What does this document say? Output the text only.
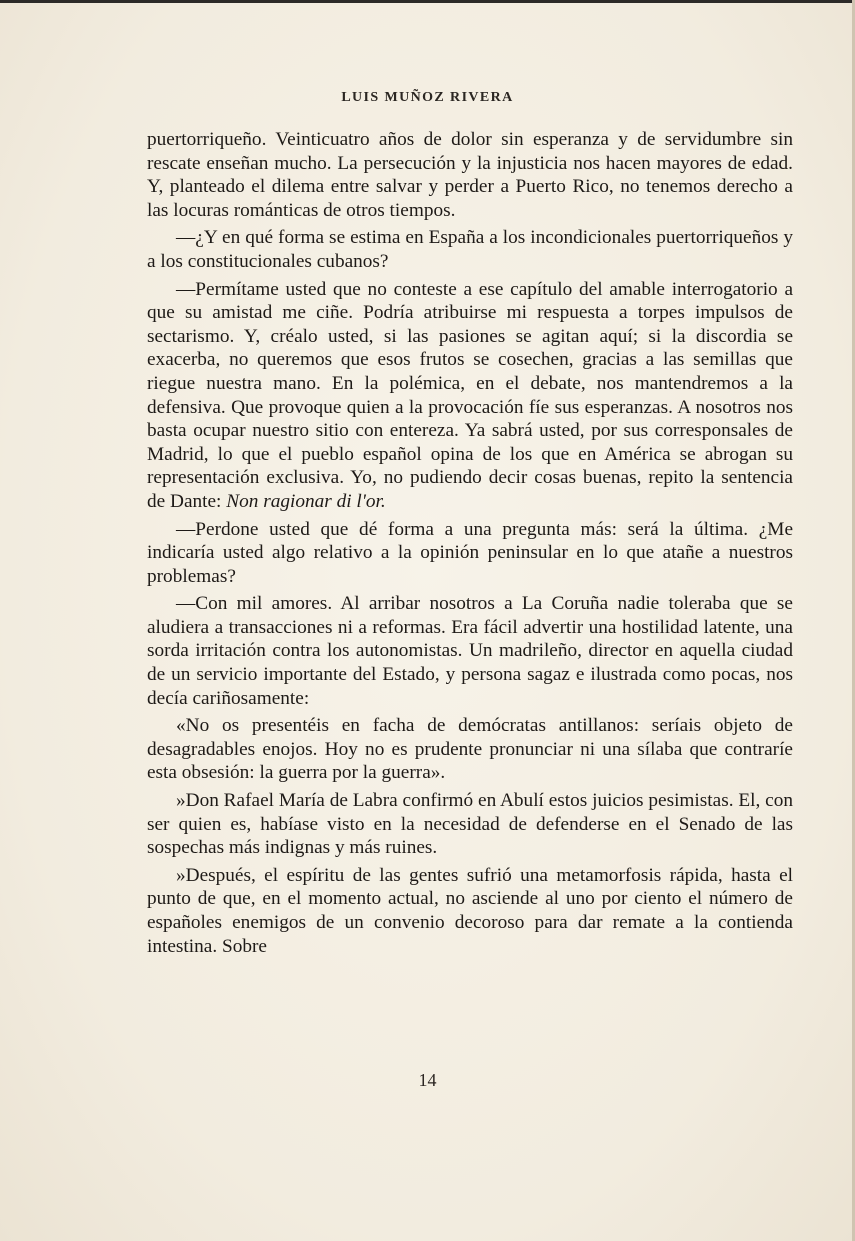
LUIS MUÑOZ RIVERA

puertorriqueño. Veinticuatro años de dolor sin esperanza y de servidumbre sin rescate enseñan mucho. La persecución y la injusticia nos hacen mayores de edad. Y, planteado el dilema entre salvar y perder a Puerto Rico, no tenemos derecho a las locuras románticas de otros tiempos.

—¿Y en qué forma se estima en España a los incondicionales puertorriqueños y a los constitucionales cubanos?

—Permítame usted que no conteste a ese capítulo del amable interrogatorio a que su amistad me ciñe. Podría atribuirse mi respuesta a torpes impulsos de sectarismo. Y, créalo usted, si las pasiones se agitan aquí; si la discordia se exacerba, no queremos que esos frutos se cosechen, gracias a las semillas que riegue nuestra mano. En la polémica, en el debate, nos mantendremos a la defensiva. Que provoque quien a la provocación fíe sus esperanzas. A nosotros nos basta ocupar nuestro sitio con entereza. Ya sabrá usted, por sus corresponsales de Madrid, lo que el pueblo español opina de los que en América se abrogan su representación exclusiva. Yo, no pudiendo decir cosas buenas, repito la sentencia de Dante: Non ragionar di l'or.

—Perdone usted que dé forma a una pregunta más: será la última. ¿Me indicaría usted algo relativo a la opinión peninsular en lo que atañe a nuestros problemas?

—Con mil amores. Al arribar nosotros a La Coruña nadie toleraba que se aludiera a transacciones ni a reformas. Era fácil advertir una hostilidad latente, una sorda irritación contra los autonomistas. Un madrileño, director en aquella ciudad de un servicio importante del Estado, y persona sagaz e ilustrada como pocas, nos decía cariñosamente:

«No os presentéis en facha de demócratas antillanos: seríais objeto de desagradables enojos. Hoy no es prudente pronunciar ni una sílaba que contraríe esta obsesión: la guerra por la guerra».

»Don Rafael María de Labra confirmó en Abulí estos juicios pesimistas. El, con ser quien es, habíase visto en la necesidad de defenderse en el Senado de las sospechas más indignas y más ruines.

»Después, el espíritu de las gentes sufrió una metamorfosis rápida, hasta el punto de que, en el momento actual, no asciende al uno por ciento el número de españoles enemigos de un convenio decoroso para dar remate a la contienda intestina. Sobre

14
